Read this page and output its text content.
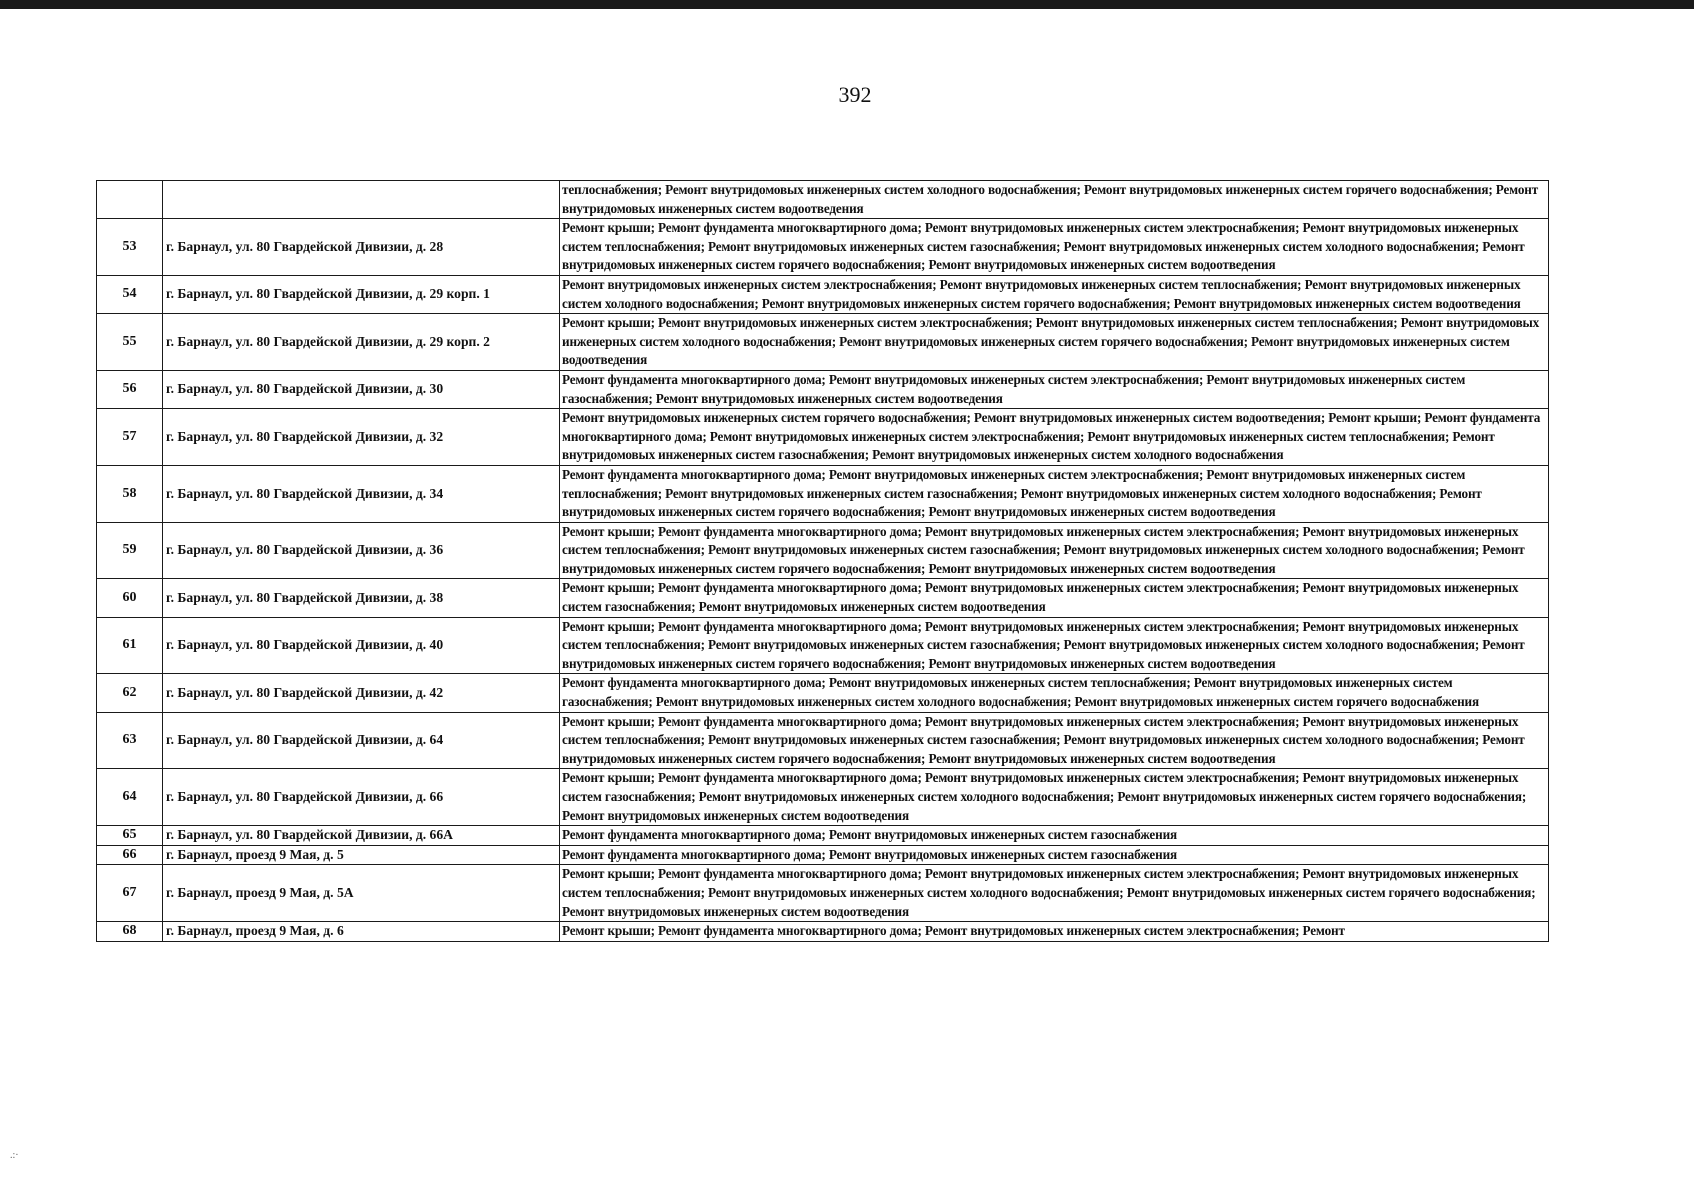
392
		теплоснабжения; Ремонт внутридомовых инженерных систем холодного водоснабжения; Ремонт внутридомовых инженерных систем горячего водоснабжения; Ремонт внутридомовых инженерных систем водоотведения
53	г. Барнаул, ул. 80 Гвардейской Дивизии, д. 28	Ремонт крыши; Ремонт фундамента многоквартирного дома; Ремонт внутридомовых инженерных систем электроснабжения; Ремонт внутридомовых инженерных систем теплоснабжения; Ремонт внутридомовых инженерных систем газоснабжения; Ремонт внутридомовых инженерных систем холодного водоснабжения; Ремонт внутридомовых инженерных систем горячего водоснабжения; Ремонт внутридомовых инженерных систем водоотведения
54	г. Барнаул, ул. 80 Гвардейской Дивизии, д. 29 корп. 1	Ремонт внутридомовых инженерных систем электроснабжения; Ремонт внутридомовых инженерных систем теплоснабжения; Ремонт внутридомовых инженерных систем холодного водоснабжения; Ремонт внутридомовых инженерных систем горячего водоснабжения; Ремонт внутридомовых инженерных систем водоотведения
55	г. Барнаул, ул. 80 Гвардейской Дивизии, д. 29 корп. 2	Ремонт крыши; Ремонт внутридомовых инженерных систем электроснабжения; Ремонт внутридомовых инженерных систем теплоснабжения; Ремонт внутридомовых инженерных систем холодного водоснабжения; Ремонт внутридомовых инженерных систем горячего водоснабжения; Ремонт внутридомовых инженерных систем водоотведения
56	г. Барнаул, ул. 80 Гвардейской Дивизии, д. 30	Ремонт фундамента многоквартирного дома; Ремонт внутридомовых инженерных систем электроснабжения; Ремонт внутридомовых инженерных систем газоснабжения; Ремонт внутридомовых инженерных систем водоотведения
57	г. Барнаул, ул. 80 Гвардейской Дивизии, д. 32	Ремонт внутридомовых инженерных систем горячего водоснабжения; Ремонт внутридомовых инженерных систем водоотведения; Ремонт крыши; Ремонт фундамента многоквартирного дома; Ремонт внутридомовых инженерных систем электроснабжения; Ремонт внутридомовых инженерных систем теплоснабжения; Ремонт внутридомовых инженерных систем газоснабжения; Ремонт внутридомовых инженерных систем холодного водоснабжения
58	г. Барнаул, ул. 80 Гвардейской Дивизии, д. 34	Ремонт фундамента многоквартирного дома; Ремонт внутридомовых инженерных систем электроснабжения; Ремонт внутридомовых инженерных систем теплоснабжения; Ремонт внутридомовых инженерных систем газоснабжения; Ремонт внутридомовых инженерных систем холодного водоснабжения; Ремонт внутридомовых инженерных систем горячего водоснабжения; Ремонт внутридомовых инженерных систем водоотведения
59	г. Барнаул, ул. 80 Гвардейской Дивизии, д. 36	Ремонт крыши; Ремонт фундамента многоквартирного дома; Ремонт внутридомовых инженерных систем электроснабжения; Ремонт внутридомовых инженерных систем теплоснабжения; Ремонт внутридомовых инженерных систем газоснабжения; Ремонт внутридомовых инженерных систем холодного водоснабжения; Ремонт внутридомовых инженерных систем горячего водоснабжения; Ремонт внутридомовых инженерных систем водоотведения
60	г. Барнаул, ул. 80 Гвардейской Дивизии, д. 38	Ремонт крыши; Ремонт фундамента многоквартирного дома; Ремонт внутридомовых инженерных систем электроснабжения; Ремонт внутридомовых инженерных систем газоснабжения; Ремонт внутридомовых инженерных систем водоотведения
61	г. Барнаул, ул. 80 Гвардейской Дивизии, д. 40	Ремонт крыши; Ремонт фундамента многоквартирного дома; Ремонт внутридомовых инженерных систем электроснабжения; Ремонт внутридомовых инженерных систем теплоснабжения; Ремонт внутридомовых инженерных систем газоснабжения; Ремонт внутридомовых инженерных систем холодного водоснабжения; Ремонт внутридомовых инженерных систем горячего водоснабжения; Ремонт внутридомовых инженерных систем водоотведения
62	г. Барнаул, ул. 80 Гвардейской Дивизии, д. 42	Ремонт фундамента многоквартирного дома; Ремонт внутридомовых инженерных систем теплоснабжения; Ремонт внутридомовых инженерных систем газоснабжения; Ремонт внутридомовых инженерных систем холодного водоснабжения; Ремонт внутридомовых инженерных систем горячего водоснабжения
63	г. Барнаул, ул. 80 Гвардейской Дивизии, д. 64	Ремонт крыши; Ремонт фундамента многоквартирного дома; Ремонт внутридомовых инженерных систем электроснабжения; Ремонт внутридомовых инженерных систем теплоснабжения; Ремонт внутридомовых инженерных систем газоснабжения; Ремонт внутридомовых инженерных систем холодного водоснабжения; Ремонт внутридомовых инженерных систем горячего водоснабжения; Ремонт внутридомовых инженерных систем водоотведения
64	г. Барнаул, ул. 80 Гвардейской Дивизии, д. 66	Ремонт крыши; Ремонт фундамента многоквартирного дома; Ремонт внутридомовых инженерных систем электроснабжения; Ремонт внутридомовых инженерных систем газоснабжения; Ремонт внутридомовых инженерных систем холодного водоснабжения; Ремонт внутридомовых инженерных систем горячего водоснабжения; Ремонт внутридомовых инженерных систем водоотведения
65	г. Барнаул, ул. 80 Гвардейской Дивизии, д. 66А	Ремонт фундамента многоквартирного дома; Ремонт внутридомовых инженерных систем газоснабжения
66	г. Барнаул, проезд 9 Мая, д. 5	Ремонт фундамента многоквартирного дома; Ремонт внутридомовых инженерных систем газоснабжения
67	г. Барнаул, проезд 9 Мая, д. 5А	Ремонт крыши; Ремонт фундамента многоквартирного дома; Ремонт внутридомовых инженерных систем электроснабжения; Ремонт внутридомовых инженерных систем теплоснабжения; Ремонт внутридомовых инженерных систем холодного водоснабжения; Ремонт внутридомовых инженерных систем горячего водоснабжения; Ремонт внутридомовых инженерных систем водоотведения
68	г. Барнаул, проезд 9 Мая, д. 6	Ремонт крыши; Ремонт фундамента многоквартирного дома; Ремонт внутридомовых инженерных систем электроснабжения; Ремонт
.:·
